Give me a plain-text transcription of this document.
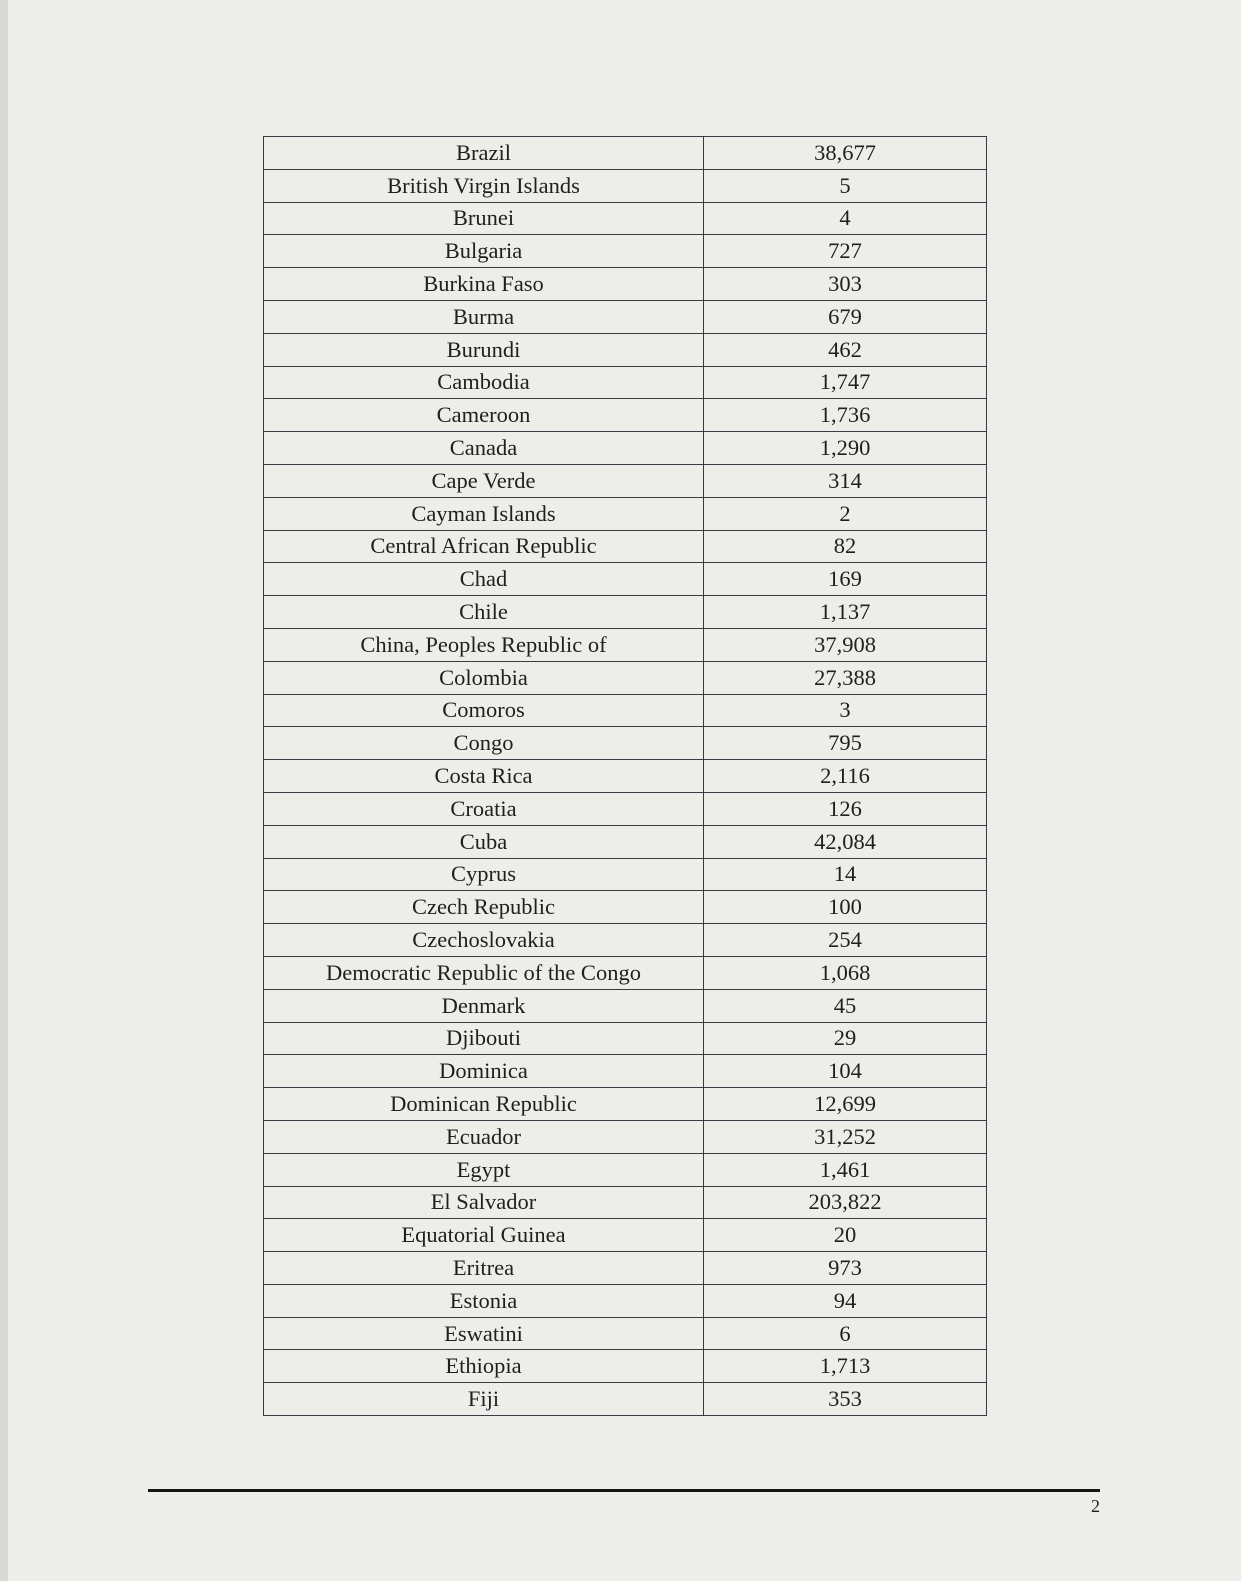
Brazil	38,677
British Virgin Islands	5
Brunei	4
Bulgaria	727
Burkina Faso	303
Burma	679
Burundi	462
Cambodia	1,747
Cameroon	1,736
Canada	1,290
Cape Verde	314
Cayman Islands	2
Central African Republic	82
Chad	169
Chile	1,137
China, Peoples Republic of	37,908
Colombia	27,388
Comoros	3
Congo	795
Costa Rica	2,116
Croatia	126
Cuba	42,084
Cyprus	14
Czech Republic	100
Czechoslovakia	254
Democratic Republic of the Congo	1,068
Denmark	45
Djibouti	29
Dominica	104
Dominican Republic	12,699
Ecuador	31,252
Egypt	1,461
El Salvador	203,822
Equatorial Guinea	20
Eritrea	973
Estonia	94
Eswatini	6
Ethiopia	1,713
Fiji	353
2
